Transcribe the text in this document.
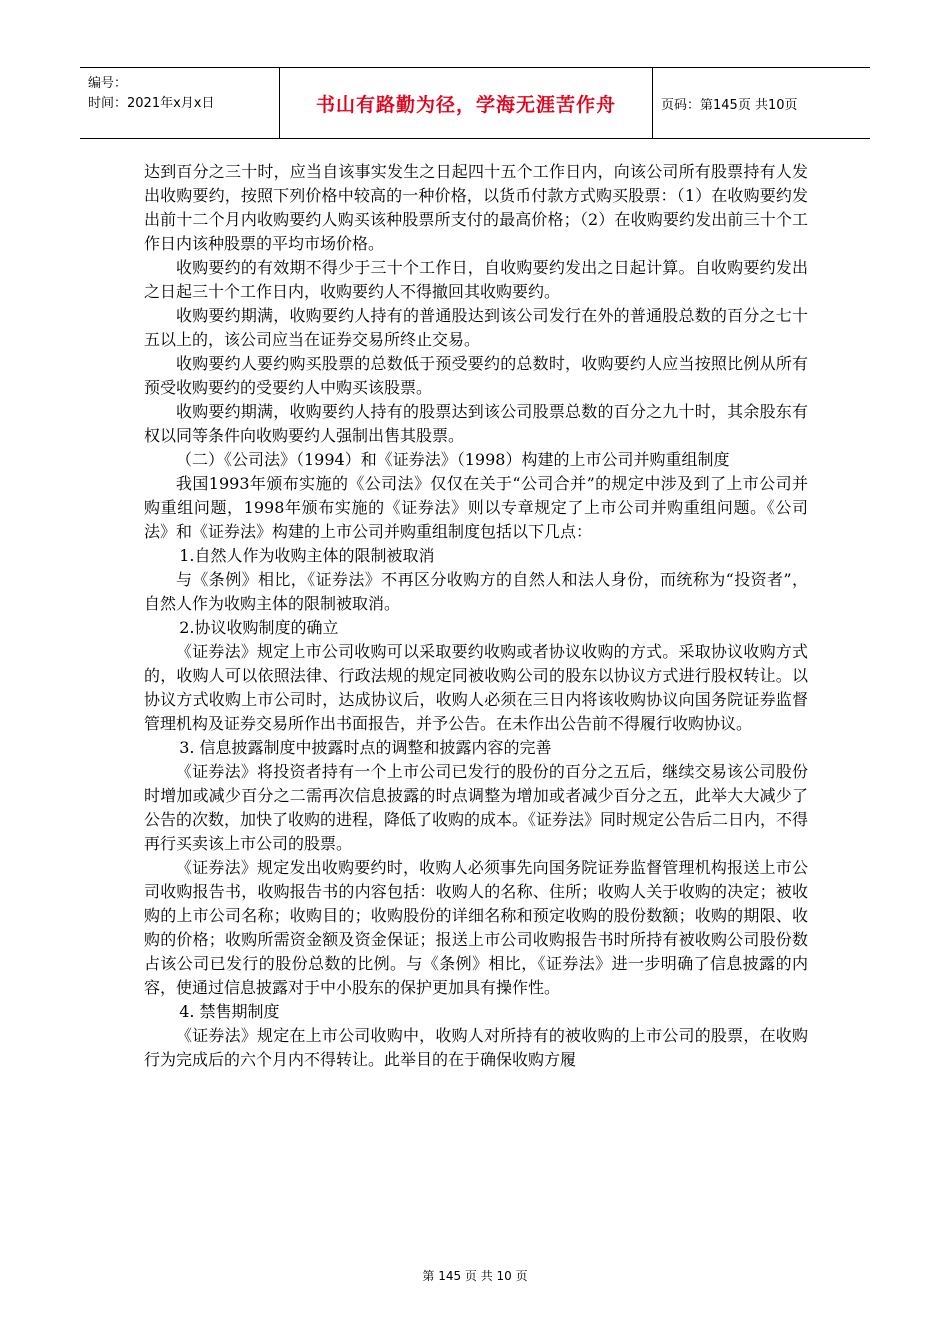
编号：
时间：2021年x月x日	书山有路勤为径，学海无涯苦作舟	页码：第145页 共10页

达到百分之三十时，应当自该事实发生之日起四十五个工作日内，向该公司所有股票持有人发出收购要约，按照下列价格中较高的一种价格，以货币付款方式购买股票：（1）在收购要约发出前十二个月内收购要约人购买该种股票所支付的最高价格；（2）在收购要约发出前三十个工作日内该种股票的平均市场价格。

收购要约的有效期不得少于三十个工作日，自收购要约发出之日起计算。自收购要约发出之日起三十个工作日内，收购要约人不得撤回其收购要约。

收购要约期满，收购要约人持有的普通股达到该公司发行在外的普通股总数的百分之七十五以上的，该公司应当在证券交易所终止交易。

收购要约人要约购买股票的总数低于预受要约的总数时，收购要约人应当按照比例从所有预受收购要约的受要约人中购买该股票。

收购要约期满，收购要约人持有的股票达到该公司股票总数的百分之九十时，其余股东有权以同等条件向收购要约人强制出售其股票。

（二）《公司法》（1994）和《证券法》（1998）构建的上市公司并购重组制度

我国1993年颁布实施的《公司法》仅仅在关于“公司合并”的规定中涉及到了上市公司并购重组问题，1998年颁布实施的《证券法》则以专章规定了上市公司并购重组问题。《公司法》和《证券法》构建的上市公司并购重组制度包括以下几点：

1.自然人作为收购主体的限制被取消

与《条例》相比，《证券法》不再区分收购方的自然人和法人身份，而统称为“投资者”，自然人作为收购主体的限制被取消。

2.协议收购制度的确立

《证券法》规定上市公司收购可以采取要约收购或者协议收购的方式。采取协议收购方式的，收购人可以依照法律、行政法规的规定同被收购公司的股东以协议方式进行股权转让。以协议方式收购上市公司时，达成协议后，收购人必须在三日内将该收购协议向国务院证券监督管理机构及证券交易所作出书面报告，并予公告。在未作出公告前不得履行收购协议。

3. 信息披露制度中披露时点的调整和披露内容的完善

《证券法》将投资者持有一个上市公司已发行的股份的百分之五后，继续交易该公司股份时增加或减少百分之二需再次信息披露的时点调整为增加或者减少百分之五，此举大大减少了公告的次数，加快了收购的进程，降低了收购的成本。《证券法》同时规定公告后二日内，不得再行买卖该上市公司的股票。

《证券法》规定发出收购要约时，收购人必须事先向国务院证券监督管理机构报送上市公司收购报告书，收购报告书的内容包括：收购人的名称、住所；收购人关于收购的决定；被收购的上市公司名称；收购目的；收购股份的详细名称和预定收购的股份数额；收购的期限、收购的价格；收购所需资金额及资金保证；报送上市公司收购报告书时所持有被收购公司股份数占该公司已发行的股份总数的比例。与《条例》相比，《证券法》进一步明确了信息披露的内容，使通过信息披露对于中小股东的保护更加具有操作性。

4. 禁售期制度

《证券法》规定在上市公司收购中，收购人对所持有的被收购的上市公司的股票，在收购行为完成后的六个月内不得转让。此举目的在于确保收购方履

第 145 页 共 10 页
